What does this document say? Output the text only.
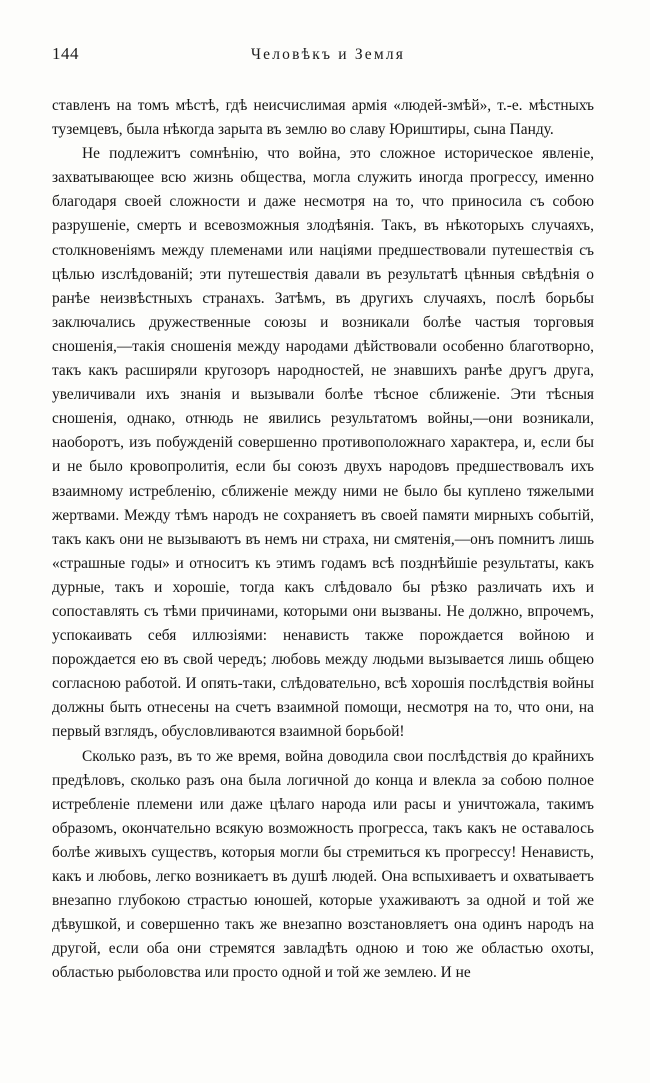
144	Человѣкъ и Земля

ставленъ на томъ мѣстѣ, гдѣ неисчислимая армія «людей-змѣй», т.-е. мѣстныхъ туземцевъ, была нѣкогда зарыта въ землю во славу Юриштиры, сына Панду.

Не подлежитъ сомнѣнію, что война, это сложное историческое явленіе, захватывающее всю жизнь общества, могла служить иногда прогрессу, именно благодаря своей сложности и даже несмотря на то, что приносила съ собою разрушеніе, смерть и всевозможныя злодѣянія. Такъ, въ нѣкоторыхъ случаяхъ, столкновеніямъ между племенами или націями предшествовали путешествія съ цѣлью изслѣдованій; эти путешествія давали въ результатѣ цѣнныя свѣдѣнія о ранѣе неизвѣстныхъ странахъ. Затѣмъ, въ другихъ случаяхъ, послѣ борьбы заключались дружественные союзы и возникали болѣе частыя торговыя сношенія,—такія сношенія между народами дѣйствовали особенно благотворно, такъ какъ расширяли кругозоръ народностей, не знавшихъ ранѣе другъ друга, увеличивали ихъ знанія и вызывали болѣе тѣсное сближеніе. Эти тѣсныя сношенія, однако, отнюдь не явились результатомъ войны,—они возникали, наоборотъ, изъ побужденій совершенно противоположнаго характера, и, если бы и не было кровопролитія, если бы союзъ двухъ народовъ предшествовалъ ихъ взаимному истребленію, сближеніе между ними не было бы куплено тяжелыми жертвами. Между тѣмъ народъ не сохраняетъ въ своей памяти мирныхъ событій, такъ какъ они не вызываютъ въ немъ ни страха, ни смятенія,—онъ помнитъ лишь «страшные годы» и относитъ къ этимъ годамъ всѣ позднѣйшіе результаты, какъ дурные, такъ и хорошіе, тогда какъ слѣдовало бы рѣзко различать ихъ и сопоставлять съ тѣми причинами, которыми они вызваны. Не должно, впрочемъ, успокаивать себя иллюзіями: ненависть также порождается войною и порождается ею въ свой чередъ; любовь между людьми вызывается лишь общею согласною работой. И опять-таки, слѣдовательно, всѣ хорошія послѣдствія войны должны быть отнесены на счетъ взаимной помощи, несмотря на то, что они, на первый взглядъ, обусловливаются взаимной борьбой!

Сколько разъ, въ то же время, война доводила свои послѣдствія до крайнихъ предѣловъ, сколько разъ она была логичной до конца и влекла за собою полное истребленіе племени или даже цѣлаго народа или расы и уничтожала, такимъ образомъ, окончательно всякую возможность прогресса, такъ какъ не оставалось болѣе живыхъ существъ, которыя могли бы стремиться къ прогрессу! Ненависть, какъ и любовь, легко возникаетъ въ душѣ людей. Она вспыхиваетъ и охватываетъ внезапно глубокою страстью юношей, которые ухаживаютъ за одной и той же дѣвушкой, и совершенно такъ же внезапно возстановляетъ она одинъ народъ на другой, если оба они стремятся завладѣть одною и тою же областью охоты, областью рыболовства или просто одной и той же землею. И не
